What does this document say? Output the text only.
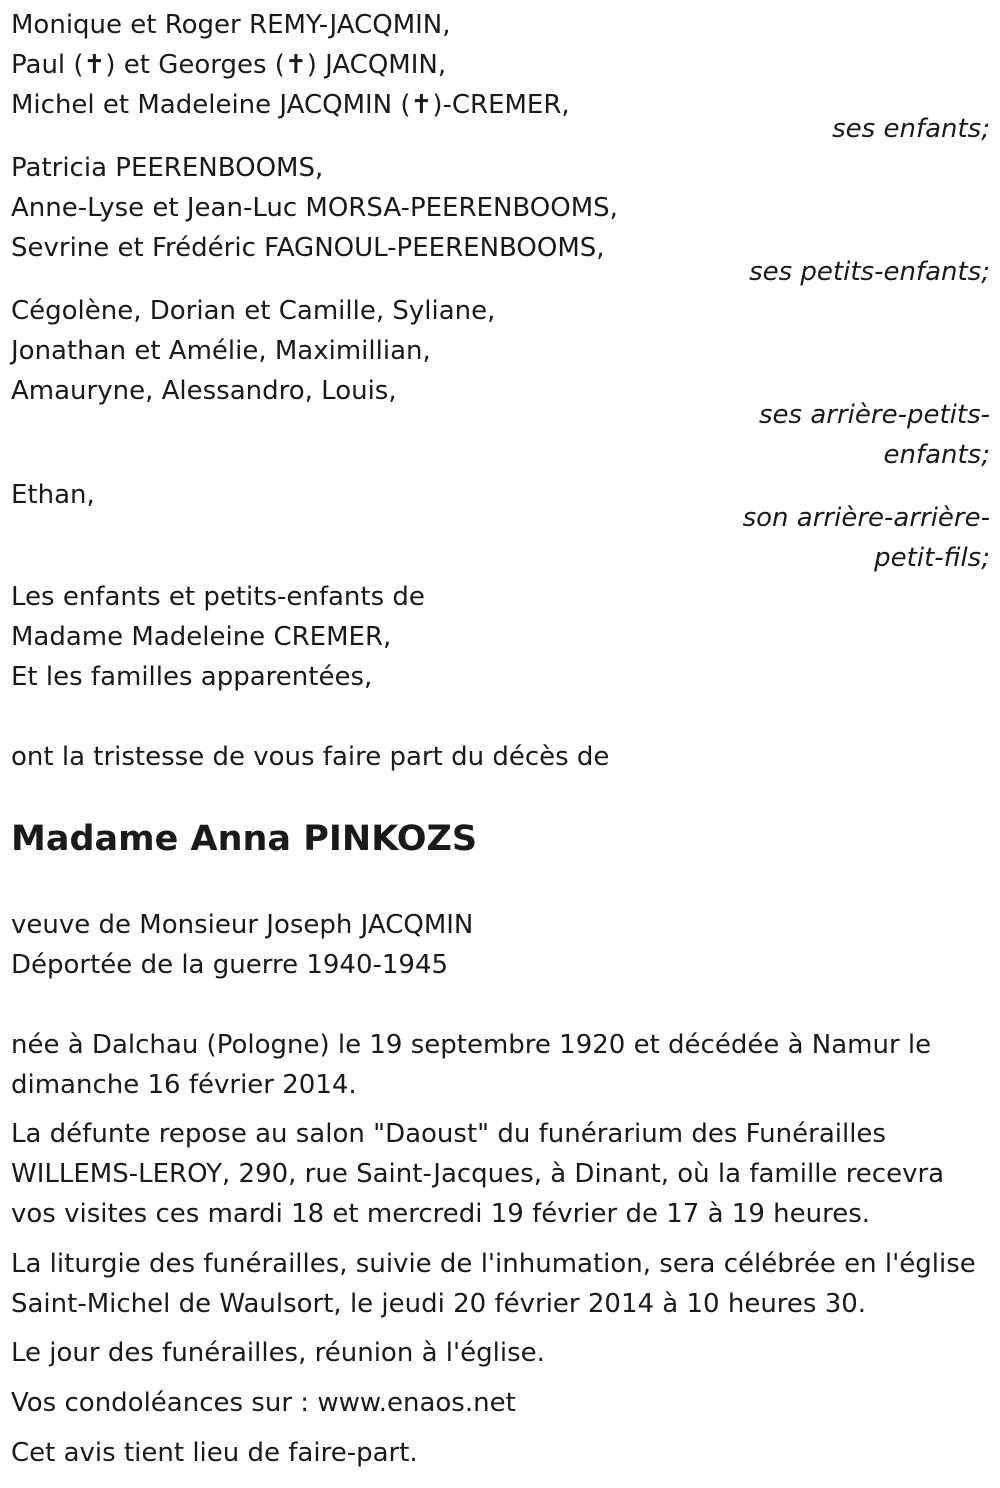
Monique et Roger REMY-JACQMIN,
Paul (✝) et Georges (✝) JACQMIN,
Michel et Madeleine JACQMIN (✝)-CREMER,
ses enfants;
Patricia PEERENBOOMS,
Anne-Lyse et Jean-Luc MORSA-PEERENBOOMS,
Sevrine et Frédéric FAGNOUL-PEERENBOOMS,
ses petits-enfants;
Cégolène, Dorian et Camille, Syliane,
Jonathan et Amélie, Maximillian,
Amauryne, Alessandro, Louis,
ses arrière-petits-
enfants;
Ethan,
son arrière-arrière-
petit-fils;
Les enfants et petits-enfants de
Madame Madeleine CREMER,
Et les familles apparentées,
ont la tristesse de vous faire part du décès de
Madame Anna PINKOZS
veuve de Monsieur Joseph JACQMIN
Déportée de la guerre 1940-1945
née à Dalchau (Pologne) le 19 septembre 1920 et décédée à Namur le
dimanche 16 février 2014.
La défunte repose au salon "Daoust" du funérarium des Funérailles
WILLEMS-LEROY, 290, rue Saint-Jacques, à Dinant, où la famille recevra
vos visites ces mardi 18 et mercredi 19 février de 17 à 19 heures.
La liturgie des funérailles, suivie de l'inhumation, sera célébrée en l'église
Saint-Michel de Waulsort, le jeudi 20 février 2014 à 10 heures 30.
Le jour des funérailles, réunion à l'église.
Vos condoléances sur : www.enaos.net
Cet avis tient lieu de faire-part.
